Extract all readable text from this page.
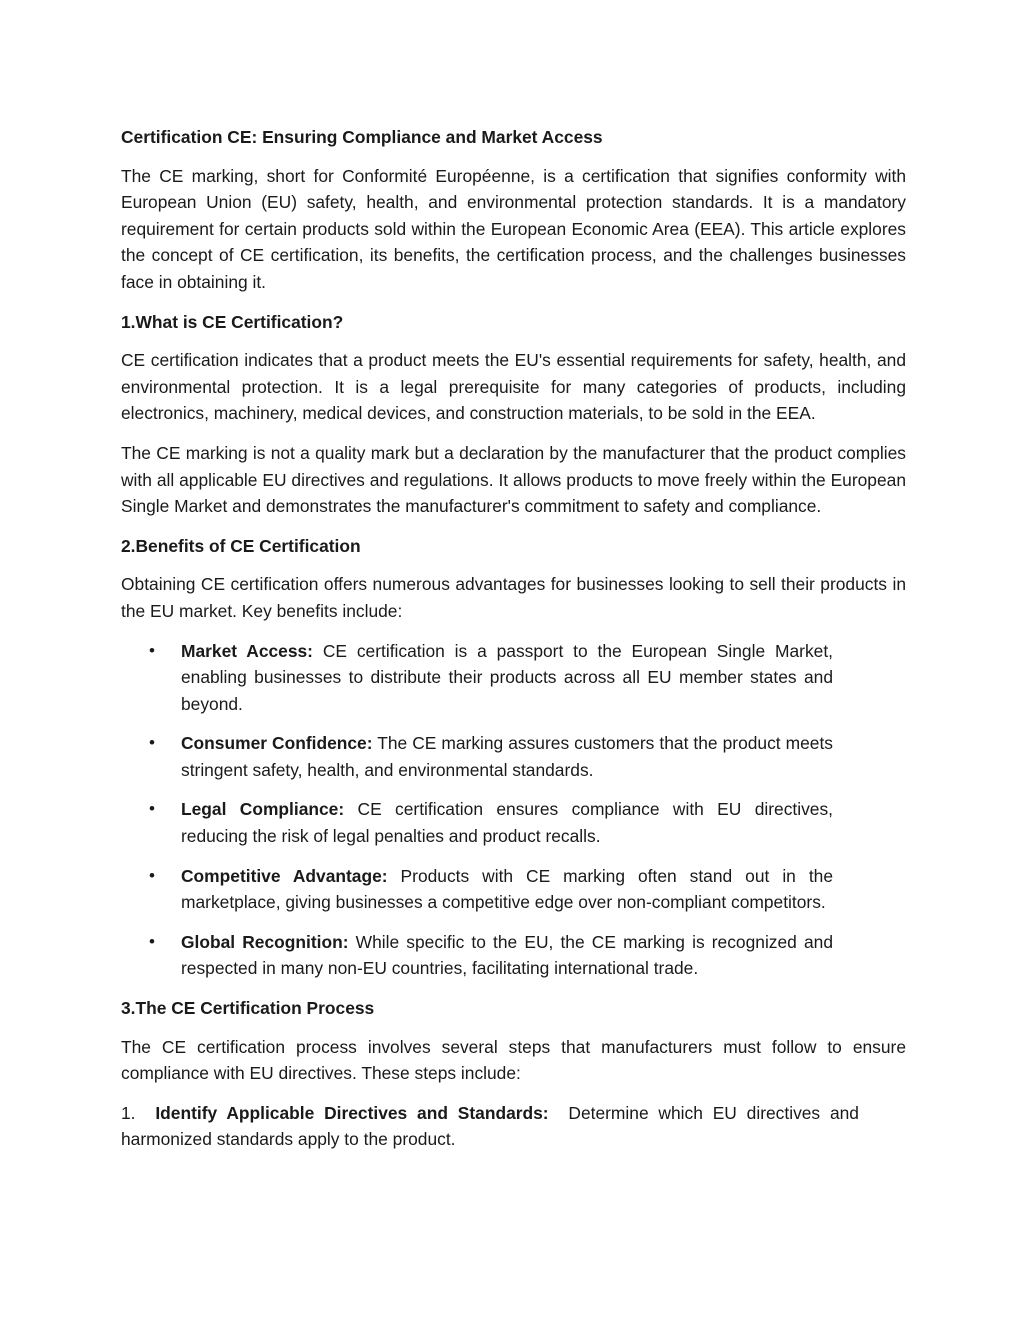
Certification CE: Ensuring Compliance and Market Access

The CE marking, short for Conformité Européenne, is a certification that signifies conformity with European Union (EU) safety, health, and environmental protection standards. It is a mandatory requirement for certain products sold within the European Economic Area (EEA). This article explores the concept of CE certification, its benefits, the certification process, and the challenges businesses face in obtaining it.

1.What is CE Certification?

CE certification indicates that a product meets the EU's essential requirements for safety, health, and environmental protection. It is a legal prerequisite for many categories of products, including electronics, machinery, medical devices, and construction materials, to be sold in the EEA.

The CE marking is not a quality mark but a declaration by the manufacturer that the product complies with all applicable EU directives and regulations. It allows products to move freely within the European Single Market and demonstrates the manufacturer's commitment to safety and compliance.

2.Benefits of CE Certification

Obtaining CE certification offers numerous advantages for businesses looking to sell their products in the EU market. Key benefits include:

• Market Access: CE certification is a passport to the European Single Market, enabling businesses to distribute their products across all EU member states and beyond.
• Consumer Confidence: The CE marking assures customers that the product meets stringent safety, health, and environmental standards.
• Legal Compliance: CE certification ensures compliance with EU directives, reducing the risk of legal penalties and product recalls.
• Competitive Advantage: Products with CE marking often stand out in the marketplace, giving businesses a competitive edge over non-compliant competitors.
• Global Recognition: While specific to the EU, the CE marking is recognized and respected in many non-EU countries, facilitating international trade.
3.The CE Certification Process

The CE certification process involves several steps that manufacturers must follow to ensure compliance with EU directives. These steps include:

1. Identify Applicable Directives and Standards: Determine which EU directives and harmonized standards apply to the product.
